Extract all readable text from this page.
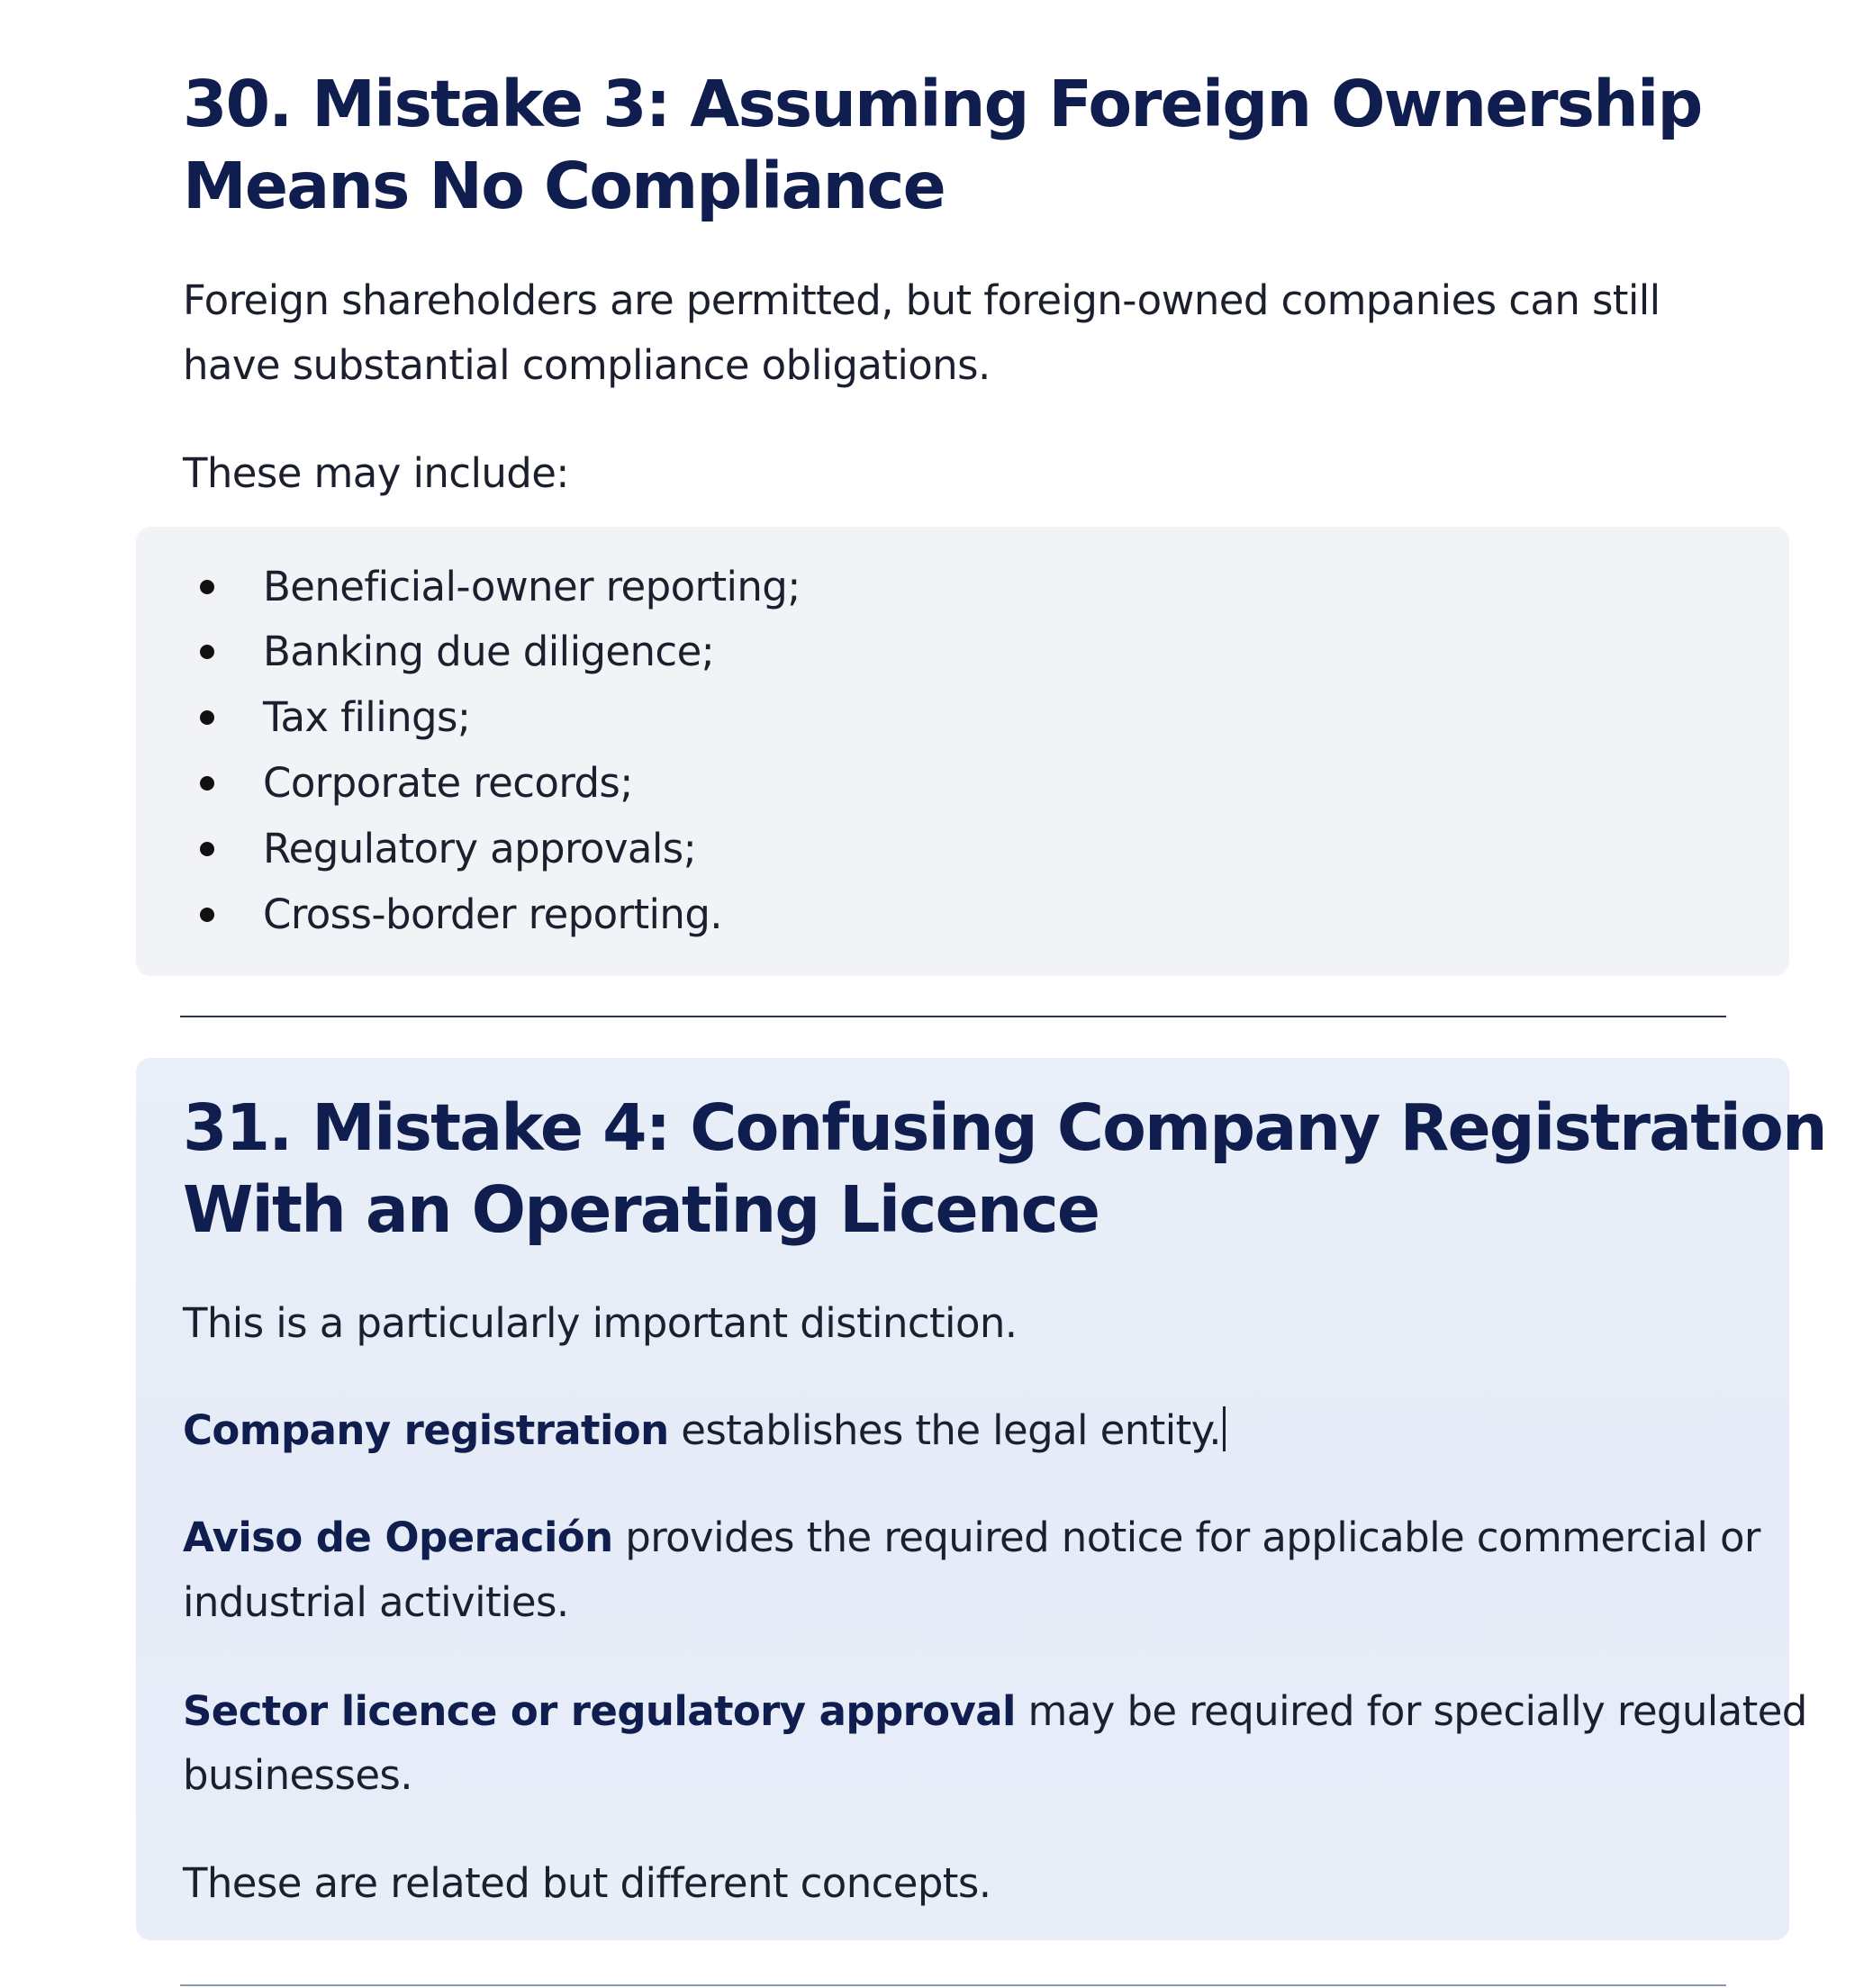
30. Mistake 3: Assuming Foreign Ownership
Means No Compliance

Foreign shareholders are permitted, but foreign-owned companies can still

have substantial compliance obligations.

These may include:

Beneficial-owner reporting;
Banking due diligence;
Tax filings;
Corporate records;
Regulatory approvals;
Cross-border reporting.
31. Mistake 4: Confusing Company Registration
With an Operating Licence

This is a particularly important distinction.

Company registration establishes the legal entity.

Aviso de Operación provides the required notice for applicable commercial or

industrial activities.

Sector licence or regulatory approval may be required for specially regulated

businesses.

These are related but different concepts.
